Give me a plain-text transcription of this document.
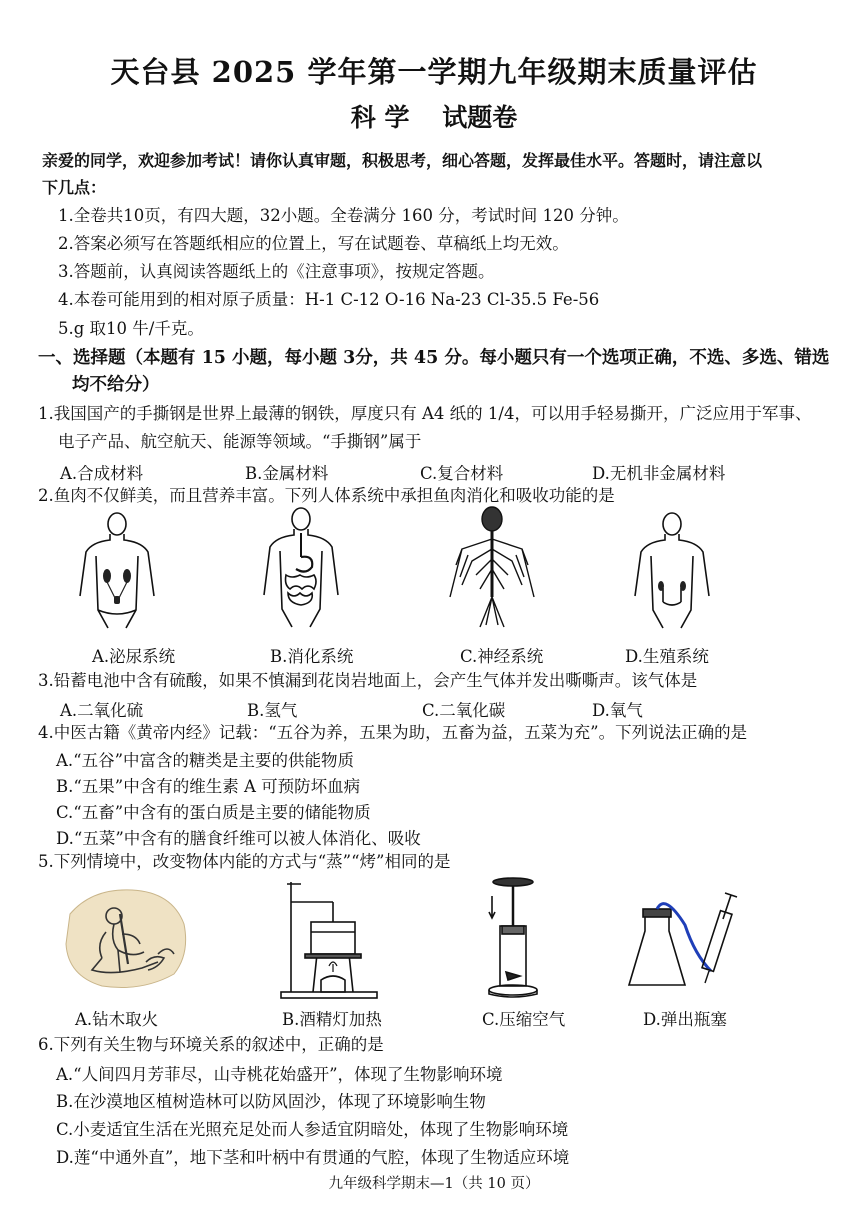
天台县 2025 学年第一学期九年级期末质量评估
科 学 试题卷
亲爱的同学，欢迎参加考试！请你认真审题，积极思考，细心答题，发挥最佳水平。答题时，请注意以
下几点：
1.全卷共10页，有四大题，32小题。全卷满分 160 分，考试时间 120 分钟。
2.答案必须写在答题纸相应的位置上，写在试题卷、草稿纸上均无效。
3.答题前，认真阅读答题纸上的《注意事项》，按规定答题。
4.本卷可能用到的相对原子质量：H-1 C-12 O-16 Na-23 Cl-35.5 Fe-56
5.g 取10 牛/千克。
一、选择题（本题有 15 小题，每小题 3分，共 45 分。每小题只有一个选项正确，不选、多选、错选
均不给分）
1.我国国产的手撕钢是世界上最薄的钢铁，厚度只有 A4 纸的 1/4，可以用手轻易撕开，广泛应用于军事、
电子产品、航空航天、能源等领域。“手撕钢”属于
A.合成材料	B.金属材料	C.复合材料	D.无机非金属材料
2.鱼肉不仅鲜美，而且营养丰富。下列人体系统中承担鱼肉消化和吸收功能的是
A.泌尿系统	B.消化系统	C.神经系统	D.生殖系统
3.铅蓄电池中含有硫酸，如果不慎漏到花岗岩地面上，会产生气体并发出嘶嘶声。该气体是
A.二氧化硫	B.氢气	C.二氧化碳	D.氧气
4.中医古籍《黄帝内经》记载：“五谷为养，五果为助，五畜为益，五菜为充”。下列说法正确的是
A.“五谷”中富含的糖类是主要的供能物质
B.“五果”中含有的维生素 A 可预防坏血病
C.“五畜”中含有的蛋白质是主要的储能物质
D.“五菜”中含有的膳食纤维可以被人体消化、吸收
5.下列情境中，改变物体内能的方式与“蒸”“烤”相同的是
A.钻木取火	B.酒精灯加热	C.压缩空气	D.弹出瓶塞
6.下列有关生物与环境关系的叙述中，正确的是
A.“人间四月芳菲尽，山寺桃花始盛开”，体现了生物影响环境
B.在沙漠地区植树造林可以防风固沙，体现了环境影响生物
C.小麦适宜生活在光照充足处而人参适宜阴暗处，体现了生物影响环境
D.莲“中通外直”，地下茎和叶柄中有贯通的气腔，体现了生物适应环境
九年级科学期末—1（共 10 页）
